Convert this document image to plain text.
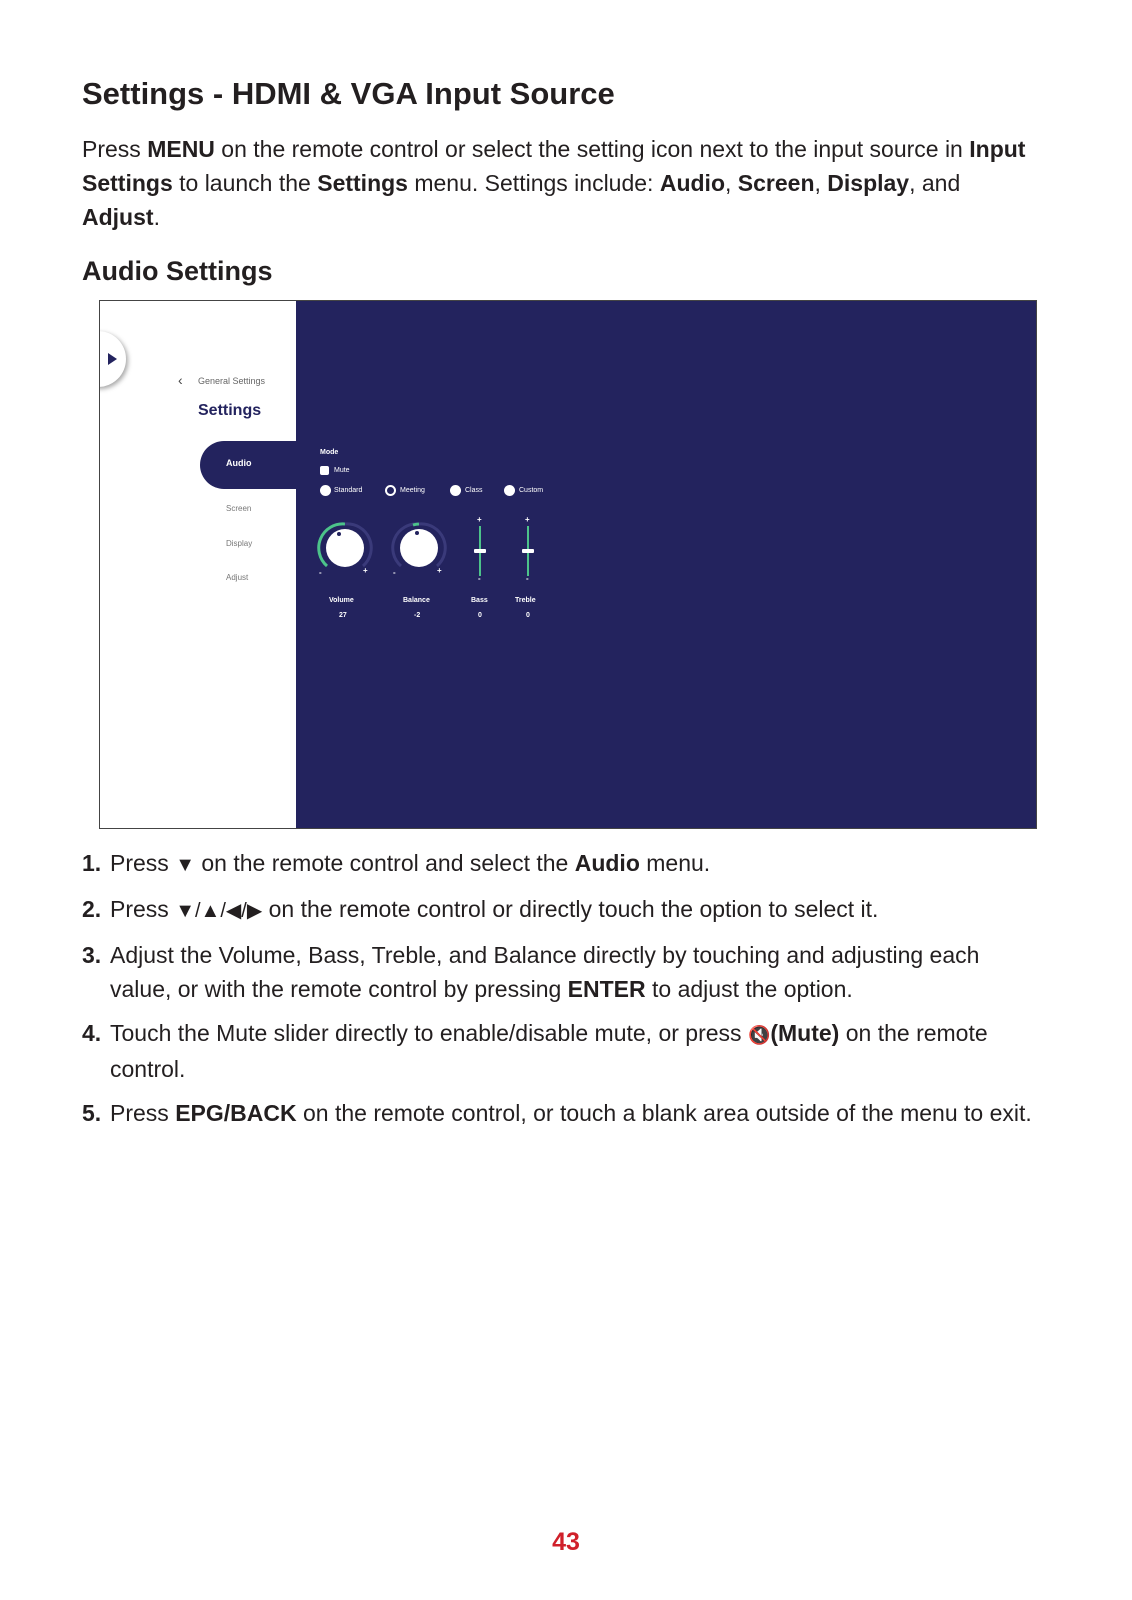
Settings - HDMI & VGA Input Source
Press MENU on the remote control or select the setting icon next to the input source in Input Settings to launch the Settings menu. Settings include: Audio, Screen, Display, and Adjust.
Audio Settings
‹ General Settings
Settings
Audio
Screen
Display
Adjust
Mode
Mute
Standard	Meeting	Class	Custom
-	+	-	+
+
-
+
-
Volume
27
Balance
-2
Bass
0
Treble
0
1. Press ▼ on the remote control and select the Audio menu.
2. Press ▼/▲/◀/▶ on the remote control or directly touch the option to select it.
3. Adjust the Volume, Bass, Treble, and Balance directly by touching and adjusting each value, or with the remote control by pressing ENTER to adjust the option.
4. Touch the Mute slider directly to enable/disable mute, or press 🔇(Mute) on the remote control.
5. Press EPG/BACK on the remote control, or touch a blank area outside of the menu to exit.
43
